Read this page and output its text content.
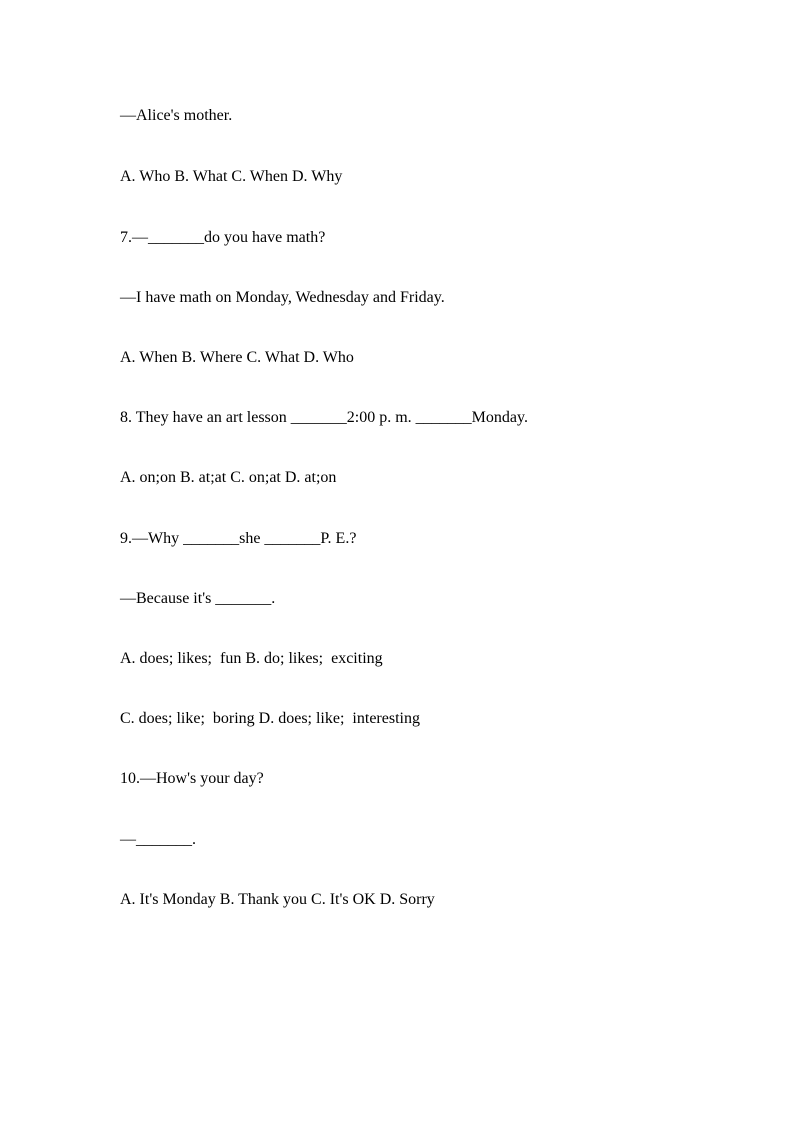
—Alice's mother.

A. Who B. What C. When D. Why

7.—_______do you have math?

—I have math on Monday, Wednesday and Friday.

A. When B. Where C. What D. Who

8. They have an art lesson _______2:00 p. m. _______Monday.

A. on;on B. at;at C. on;at D. at;on

9.—Why _______she _______P. E.?

—Because it's _______.

A. does; likes;  fun B. do; likes;  exciting

C. does; like;  boring D. does; like;  interesting

10.—How's your day?

—_______.

A. It's Monday B. Thank you C. It's OK D. Sorry
